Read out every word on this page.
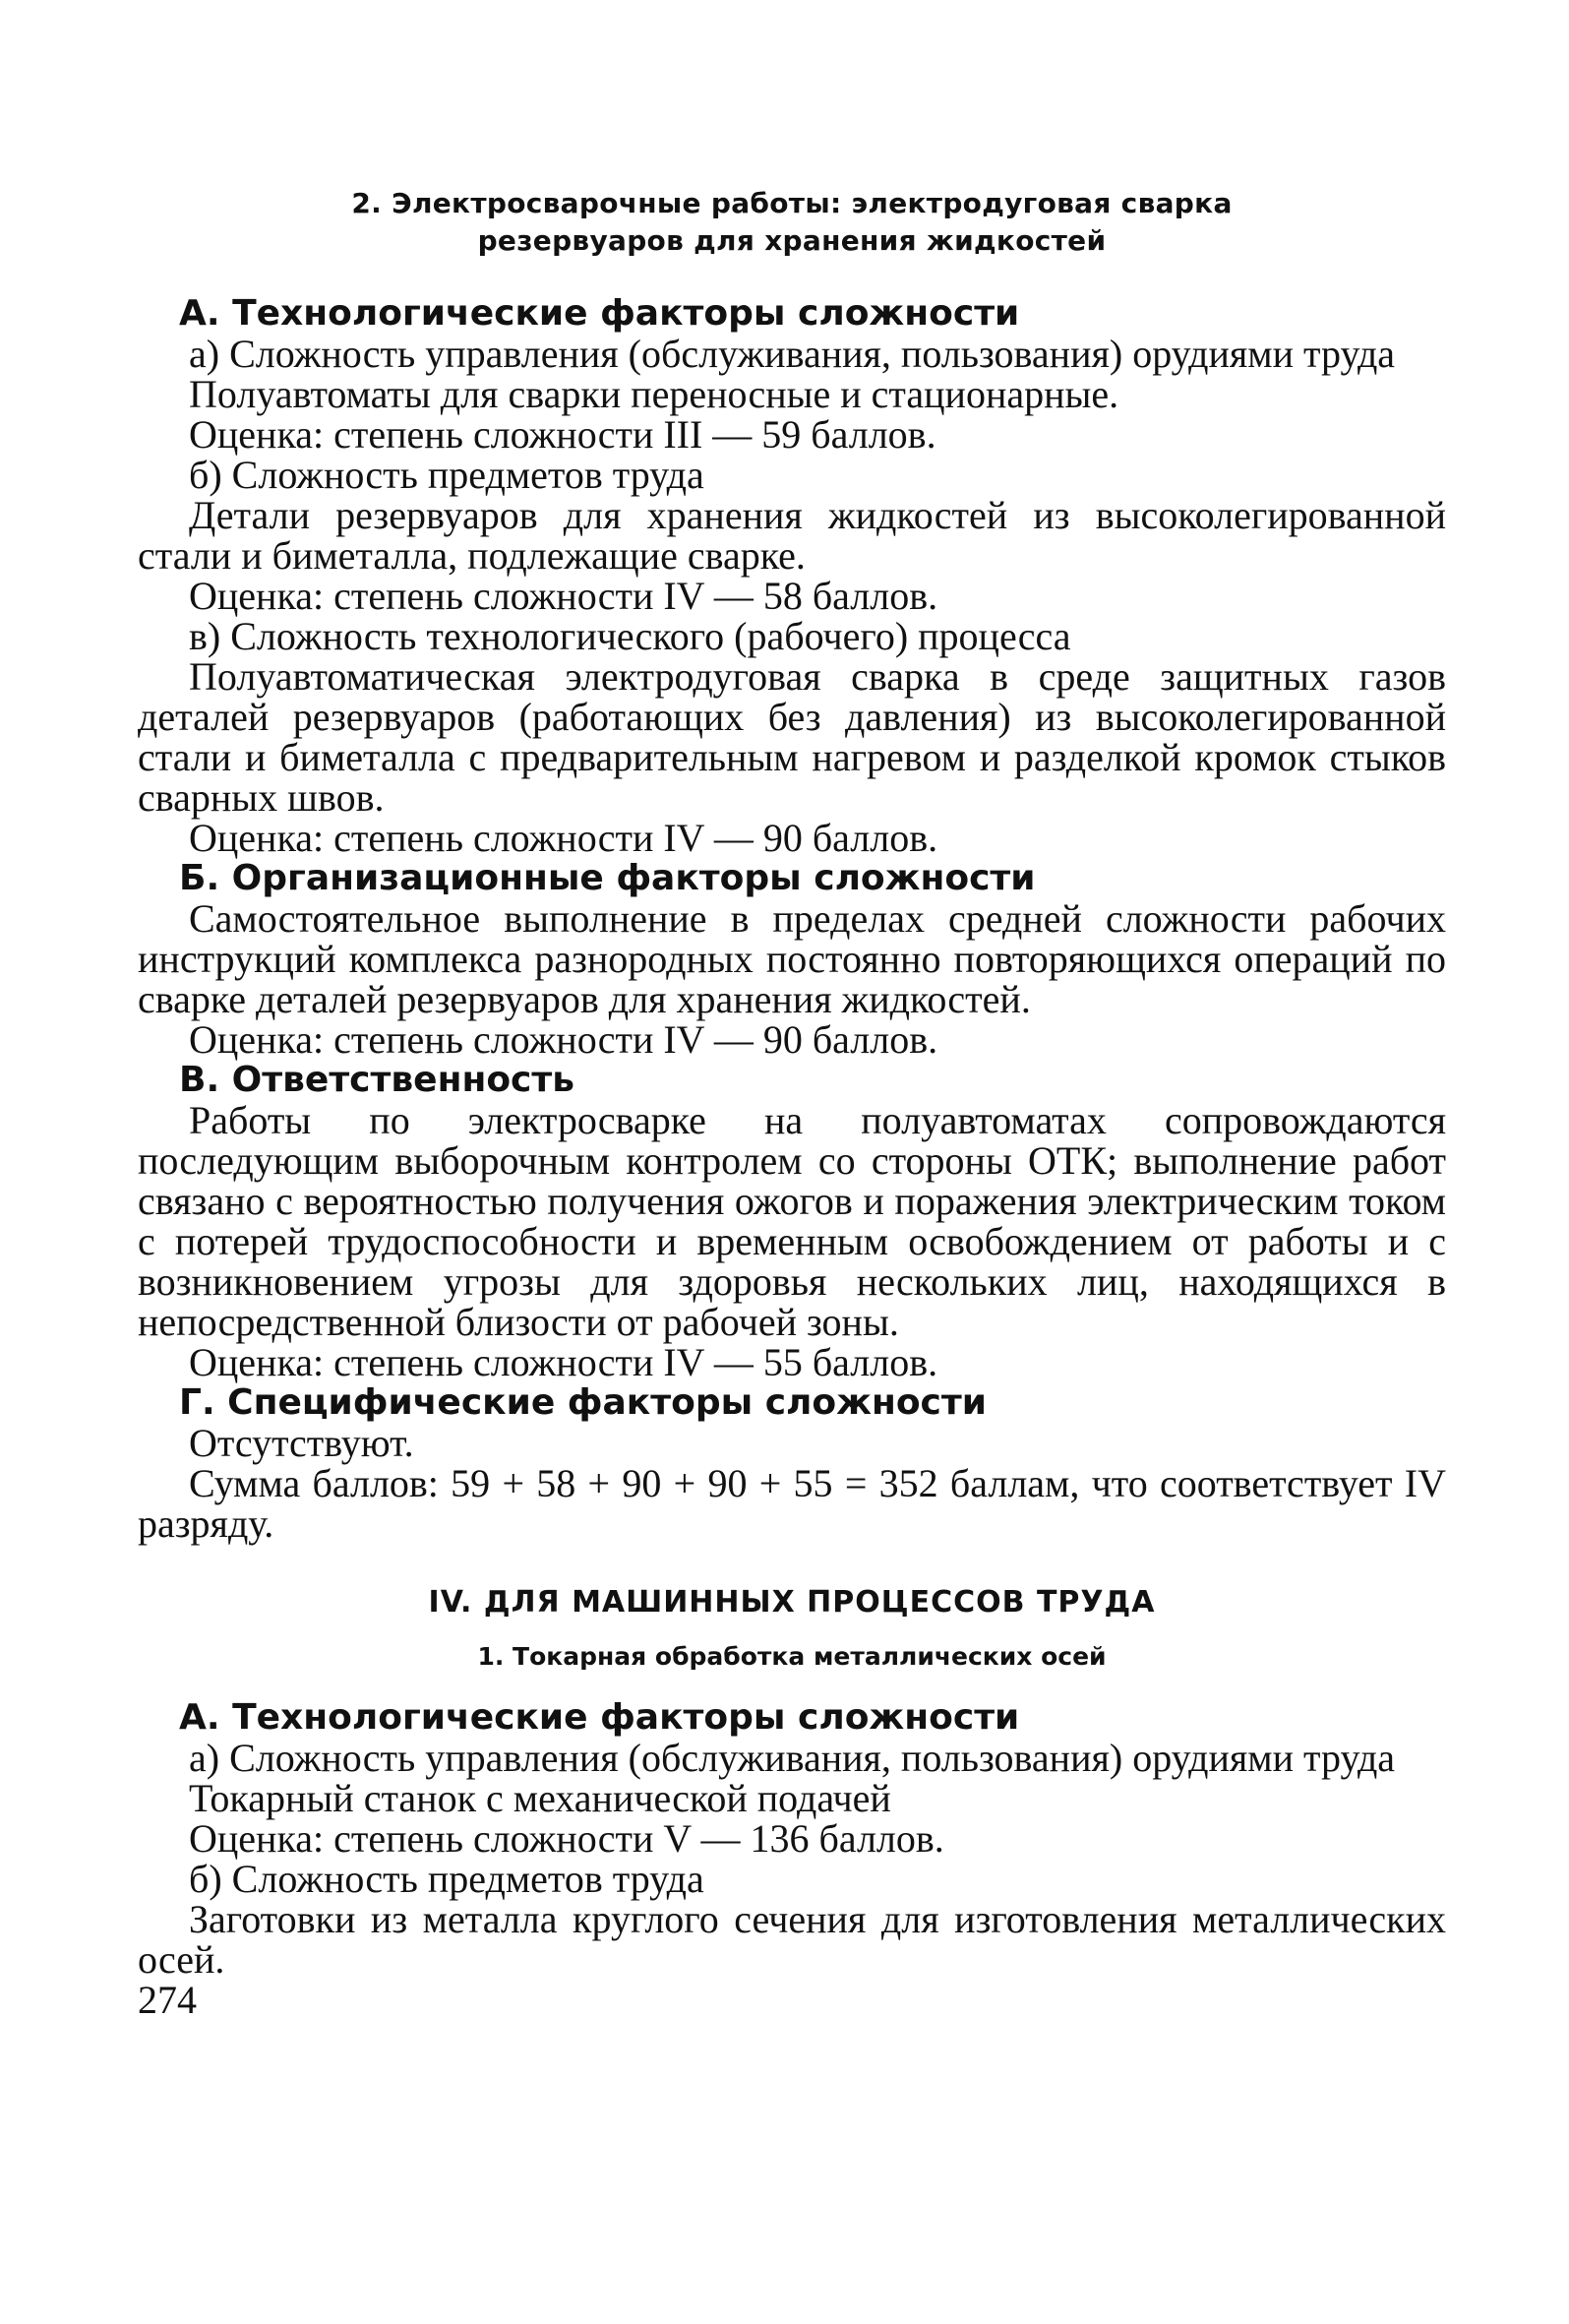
2. Электросварочные работы: электродуговая сварка
резервуаров для хранения жидкостей

А. Технологические факторы сложности

а) Сложность управления (обслуживания, пользования) орудиями труда

Полуавтоматы для сварки переносные и стационарные.

Оценка: степень сложности III — 59 баллов.

б) Сложность предметов труда

Детали резервуаров для хранения жидкостей из высоколегированной стали и биметалла, подлежащие сварке.

Оценка: степень сложности IV — 58 баллов.

в) Сложность технологического (рабочего) процесса

Полуавтоматическая электродуговая сварка в среде защитных газов деталей резервуаров (работающих без давления) из высоколегированной стали и биметалла с предварительным нагревом и разделкой кромок стыков сварных швов.

Оценка: степень сложности IV — 90 баллов.

Б. Организационные факторы сложности

Самостоятельное выполнение в пределах средней сложности рабочих инструкций комплекса разнородных постоянно повторяющихся операций по сварке деталей резервуаров для хранения жидкостей.

Оценка: степень сложности IV — 90 баллов.

В. Ответственность

Работы по электросварке на полуавтоматах сопровождаются последующим выборочным контролем со стороны ОТК; выполнение работ связано с вероятностью получения ожогов и поражения электрическим током с потерей трудоспособности и временным освобождением от работы и с возникновением угрозы для здоровья нескольких лиц, находящихся в непосредственной близости от рабочей зоны.

Оценка: степень сложности IV — 55 баллов.

Г. Специфические факторы сложности

Отсутствуют.

Сумма баллов: 59 + 58 + 90 + 90 + 55 = 352 баллам, что соответствует IV разряду.

IV. ДЛЯ МАШИННЫХ ПРОЦЕССОВ ТРУДА
1. Токарная обработка металлических осей

А. Технологические факторы сложности

а) Сложность управления (обслуживания, пользования) орудиями труда

Токарный станок с механической подачей

Оценка: степень сложности V — 136 баллов.

б) Сложность предметов труда

Заготовки из металла круглого сечения для изготовления металлических осей.

274
